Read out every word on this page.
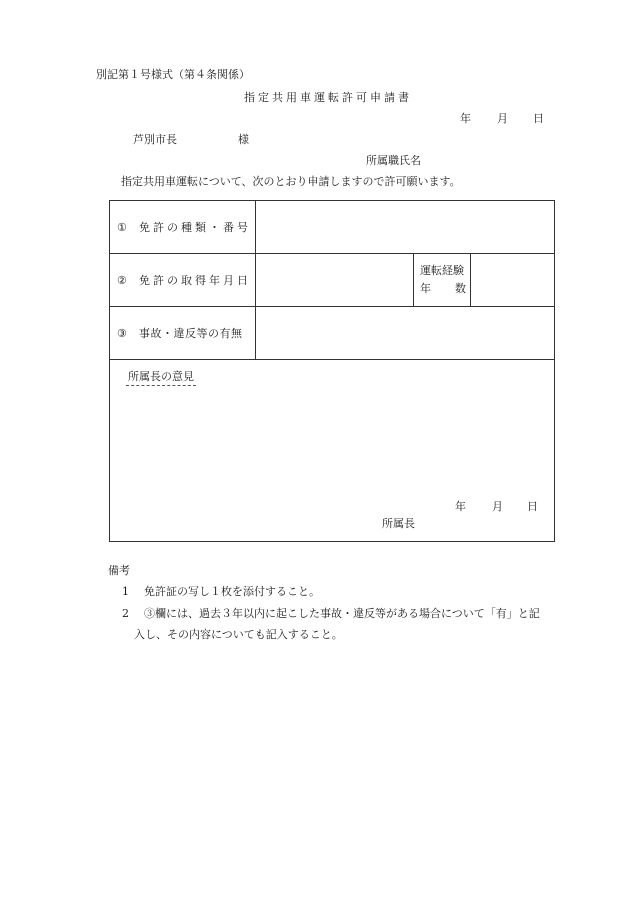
別記第１号様式（第４条関係）
指定共用車運転許可申請書
年 月 日
芦別市長	様
所属職氏名
指定共用車運転について、次のとおり申請しますので許可願います。
① 免許の種類・番号			
② 免許の取得年月日		運転経験
年 数	

③ 事故・違反等の有無			

所属長の意見
年 月 日
所属長			
備考
1 免許証の写し１枚を添付すること。
2 ③欄には、過去３年以内に起こした事故・違反等がある場合について「有」と記
入し、その内容についても記入すること。
